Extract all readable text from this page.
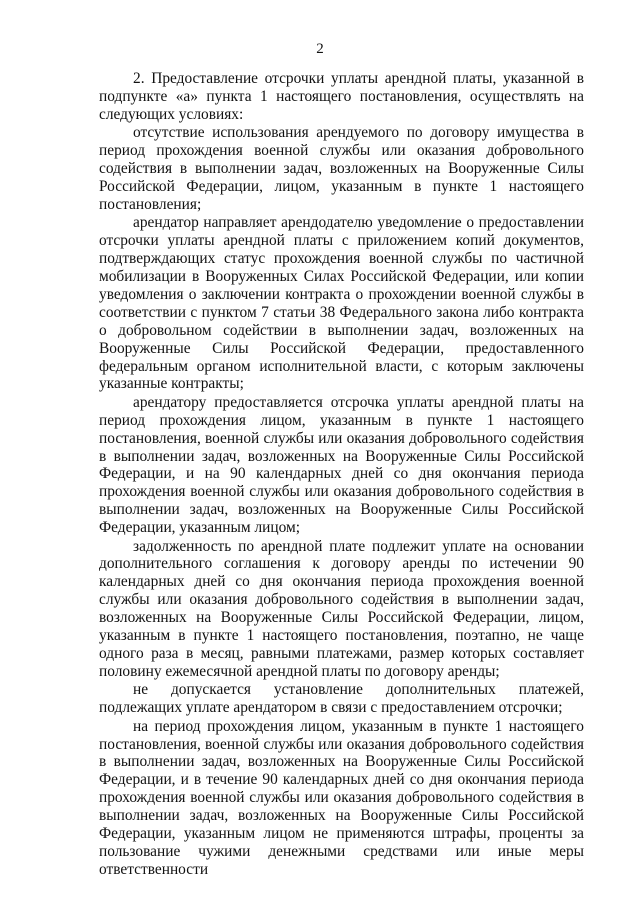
2

2. Предоставление отсрочки уплаты арендной платы, указанной в подпункте «а» пункта 1 настоящего постановления, осуществлять на следующих условиях:

отсутствие использования арендуемого по договору имущества в период прохождения военной службы или оказания добровольного содействия в выполнении задач, возложенных на Вооруженные Силы Российской Федерации, лицом, указанным в пункте 1 настоящего постановления;

арендатор направляет арендодателю уведомление о предоставлении отсрочки уплаты арендной платы с приложением копий документов, подтверждающих статус прохождения военной службы по частичной мобилизации в Вооруженных Силах Российской Федерации, или копии уведомления о заключении контракта о прохождении военной службы в соответствии с пунктом 7 статьи 38 Федерального закона либо контракта о добровольном содействии в выполнении задач, возложенных на Вооруженные Силы Российской Федерации, предоставленного федеральным органом исполнительной власти, с которым заключены указанные контракты;

арендатору предоставляется отсрочка уплаты арендной платы на период прохождения лицом, указанным в пункте 1 настоящего постановления, военной службы или оказания добровольного содействия в выполнении задач, возложенных на Вооруженные Силы Российской Федерации, и на 90 календарных дней со дня окончания периода прохождения военной службы или оказания добровольного содействия в выполнении задач, возложенных на Вооруженные Силы Российской Федерации, указанным лицом;

задолженность по арендной плате подлежит уплате на основании дополнительного соглашения к договору аренды по истечении 90 календарных дней со дня окончания периода прохождения военной службы или оказания добровольного содействия в выполнении задач, возложенных на Вооруженные Силы Российской Федерации, лицом, указанным в пункте 1 настоящего постановления, поэтапно, не чаще одного раза в месяц, равными платежами, размер которых составляет половину ежемесячной арендной платы по договору аренды;

не допускается установление дополнительных платежей, подлежащих уплате арендатором в связи с предоставлением отсрочки;

на период прохождения лицом, указанным в пункте 1 настоящего постановления, военной службы или оказания добровольного содействия в выполнении задач, возложенных на Вооруженные Силы Российской Федерации, и в течение 90 календарных дней со дня окончания периода прохождения военной службы или оказания добровольного содействия в выполнении задач, возложенных на Вооруженные Силы Российской Федерации, указанным лицом не применяются штрафы, проценты за пользование чужими денежными средствами или иные меры ответственности
